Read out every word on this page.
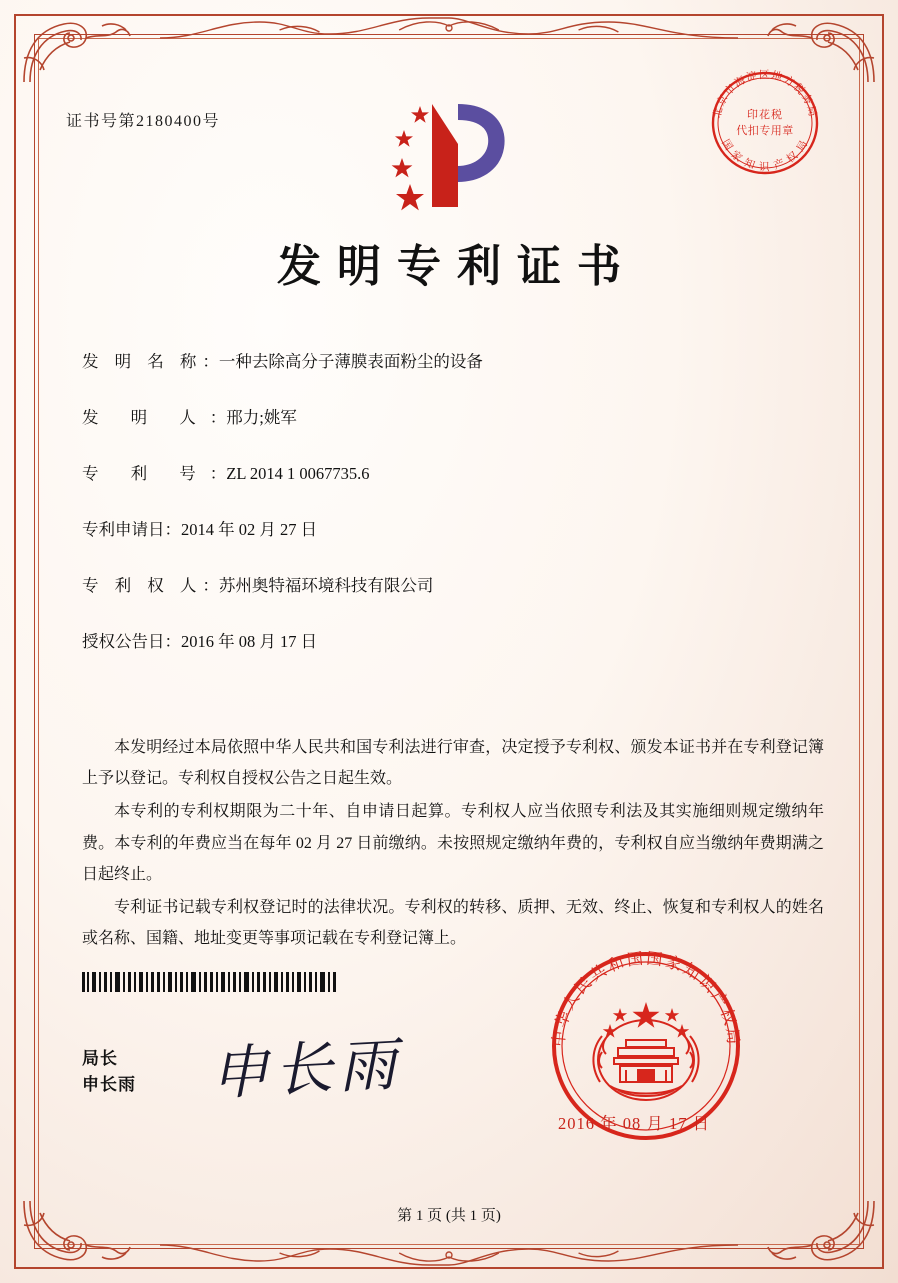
证书号第2180400号
发明专利证书
发 明 名 称：一种去除高分子薄膜表面粉尘的设备
发 明 人：邢力;姚军
专 利 号：ZL 2014 1 0067735.6
专利申请日：2014 年 02 月 27 日
专 利 权 人：苏州奥特福环境科技有限公司
授权公告日：2016 年 08 月 17 日

本发明经过本局依照中华人民共和国专利法进行审查，决定授予专利权、颁发本证书并在专利登记簿上予以登记。专利权自授权公告之日起生效。

本专利的专利权期限为二十年、自申请日起算。专利权人应当依照专利法及其实施细则规定缴纳年费。本专利的年费应当在每年 02 月 27 日前缴纳。未按照规定缴纳年费的，专利权自应当缴纳年费期满之日起终止。

专利证书记载专利权登记时的法律状况。专利权的转移、质押、无效、终止、恢复和专利权人的姓名或名称、国籍、地址变更等事项记载在专利登记簿上。

局长
申长雨 申长雨
北京市海淀区地方税务局
国 家 知 识 产 权 局
印花税
代扣专用章
中华人民共和国国家知识产权局
2016 年 08 月 17 日
第 1 页 (共 1 页)
